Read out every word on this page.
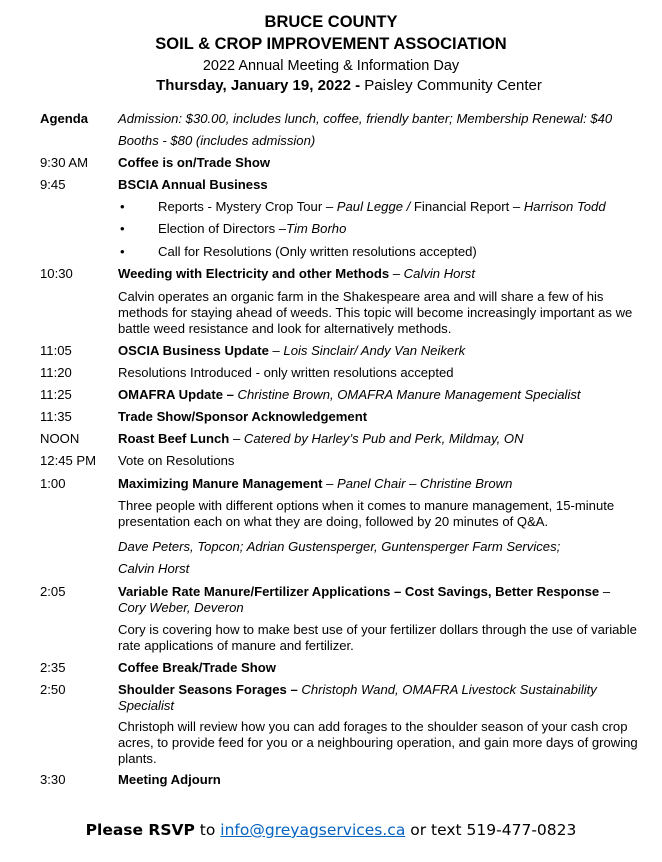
BRUCE COUNTY
SOIL & CROP IMPROVEMENT ASSOCIATION
2022 Annual Meeting & Information Day
Thursday, January 19, 2022 - Paisley Community Center
Agenda Admission: $30.00, includes lunch, coffee, friendly banter; Membership Renewal: $40
Booths - $80 (includes admission)
9:30 AM Coffee is on/Trade Show
9:45	BSCIA Annual Business
•	Reports - Mystery Crop Tour – Paul Legge / Financial Report – Harrison Todd
•	Election of Directors –Tim Borho
•	Call for Resolutions (Only written resolutions accepted)
10:30	Weeding with Electricity and other Methods – Calvin Horst
Calvin operates an organic farm in the Shakespeare area and will share a few of his methods for staying ahead of weeds. This topic will become increasingly important as we battle weed resistance and look for alternatively methods.
11:05	OSCIA Business Update – Lois Sinclair/ Andy Van Neikerk
11:20	Resolutions Introduced - only written resolutions accepted
11:25	OMAFRA Update – Christine Brown, OMAFRA Manure Management Specialist
11:35	Trade Show/Sponsor Acknowledgement
NOON	Roast Beef Lunch – Catered by Harley’s Pub and Perk, Mildmay, ON
12:45 PM Vote on Resolutions
1:00	Maximizing Manure Management – Panel Chair – Christine Brown
Three people with different options when it comes to manure management, 15-minute presentation each on what they are doing, followed by 20 minutes of Q&A.
Dave Peters, Topcon; Adrian Gustensperger, Guntensperger Farm Services;
Calvin Horst
2:05	Variable Rate Manure/Fertilizer Applications – Cost Savings, Better Response –
Cory Weber, Deveron
Cory is covering how to make best use of your fertilizer dollars through the use of variable rate applications of manure and fertilizer.
2:35	Coffee Break/Trade Show
2:50	Shoulder Seasons Forages – Christoph Wand, OMAFRA Livestock Sustainability
Specialist
Christoph will review how you can add forages to the shoulder season of your cash crop acres, to provide feed for you or a neighbouring operation, and gain more days of growing plants.
3:30	Meeting Adjourn
Please RSVP to info@greyagservices.ca or text 519-477-0823
